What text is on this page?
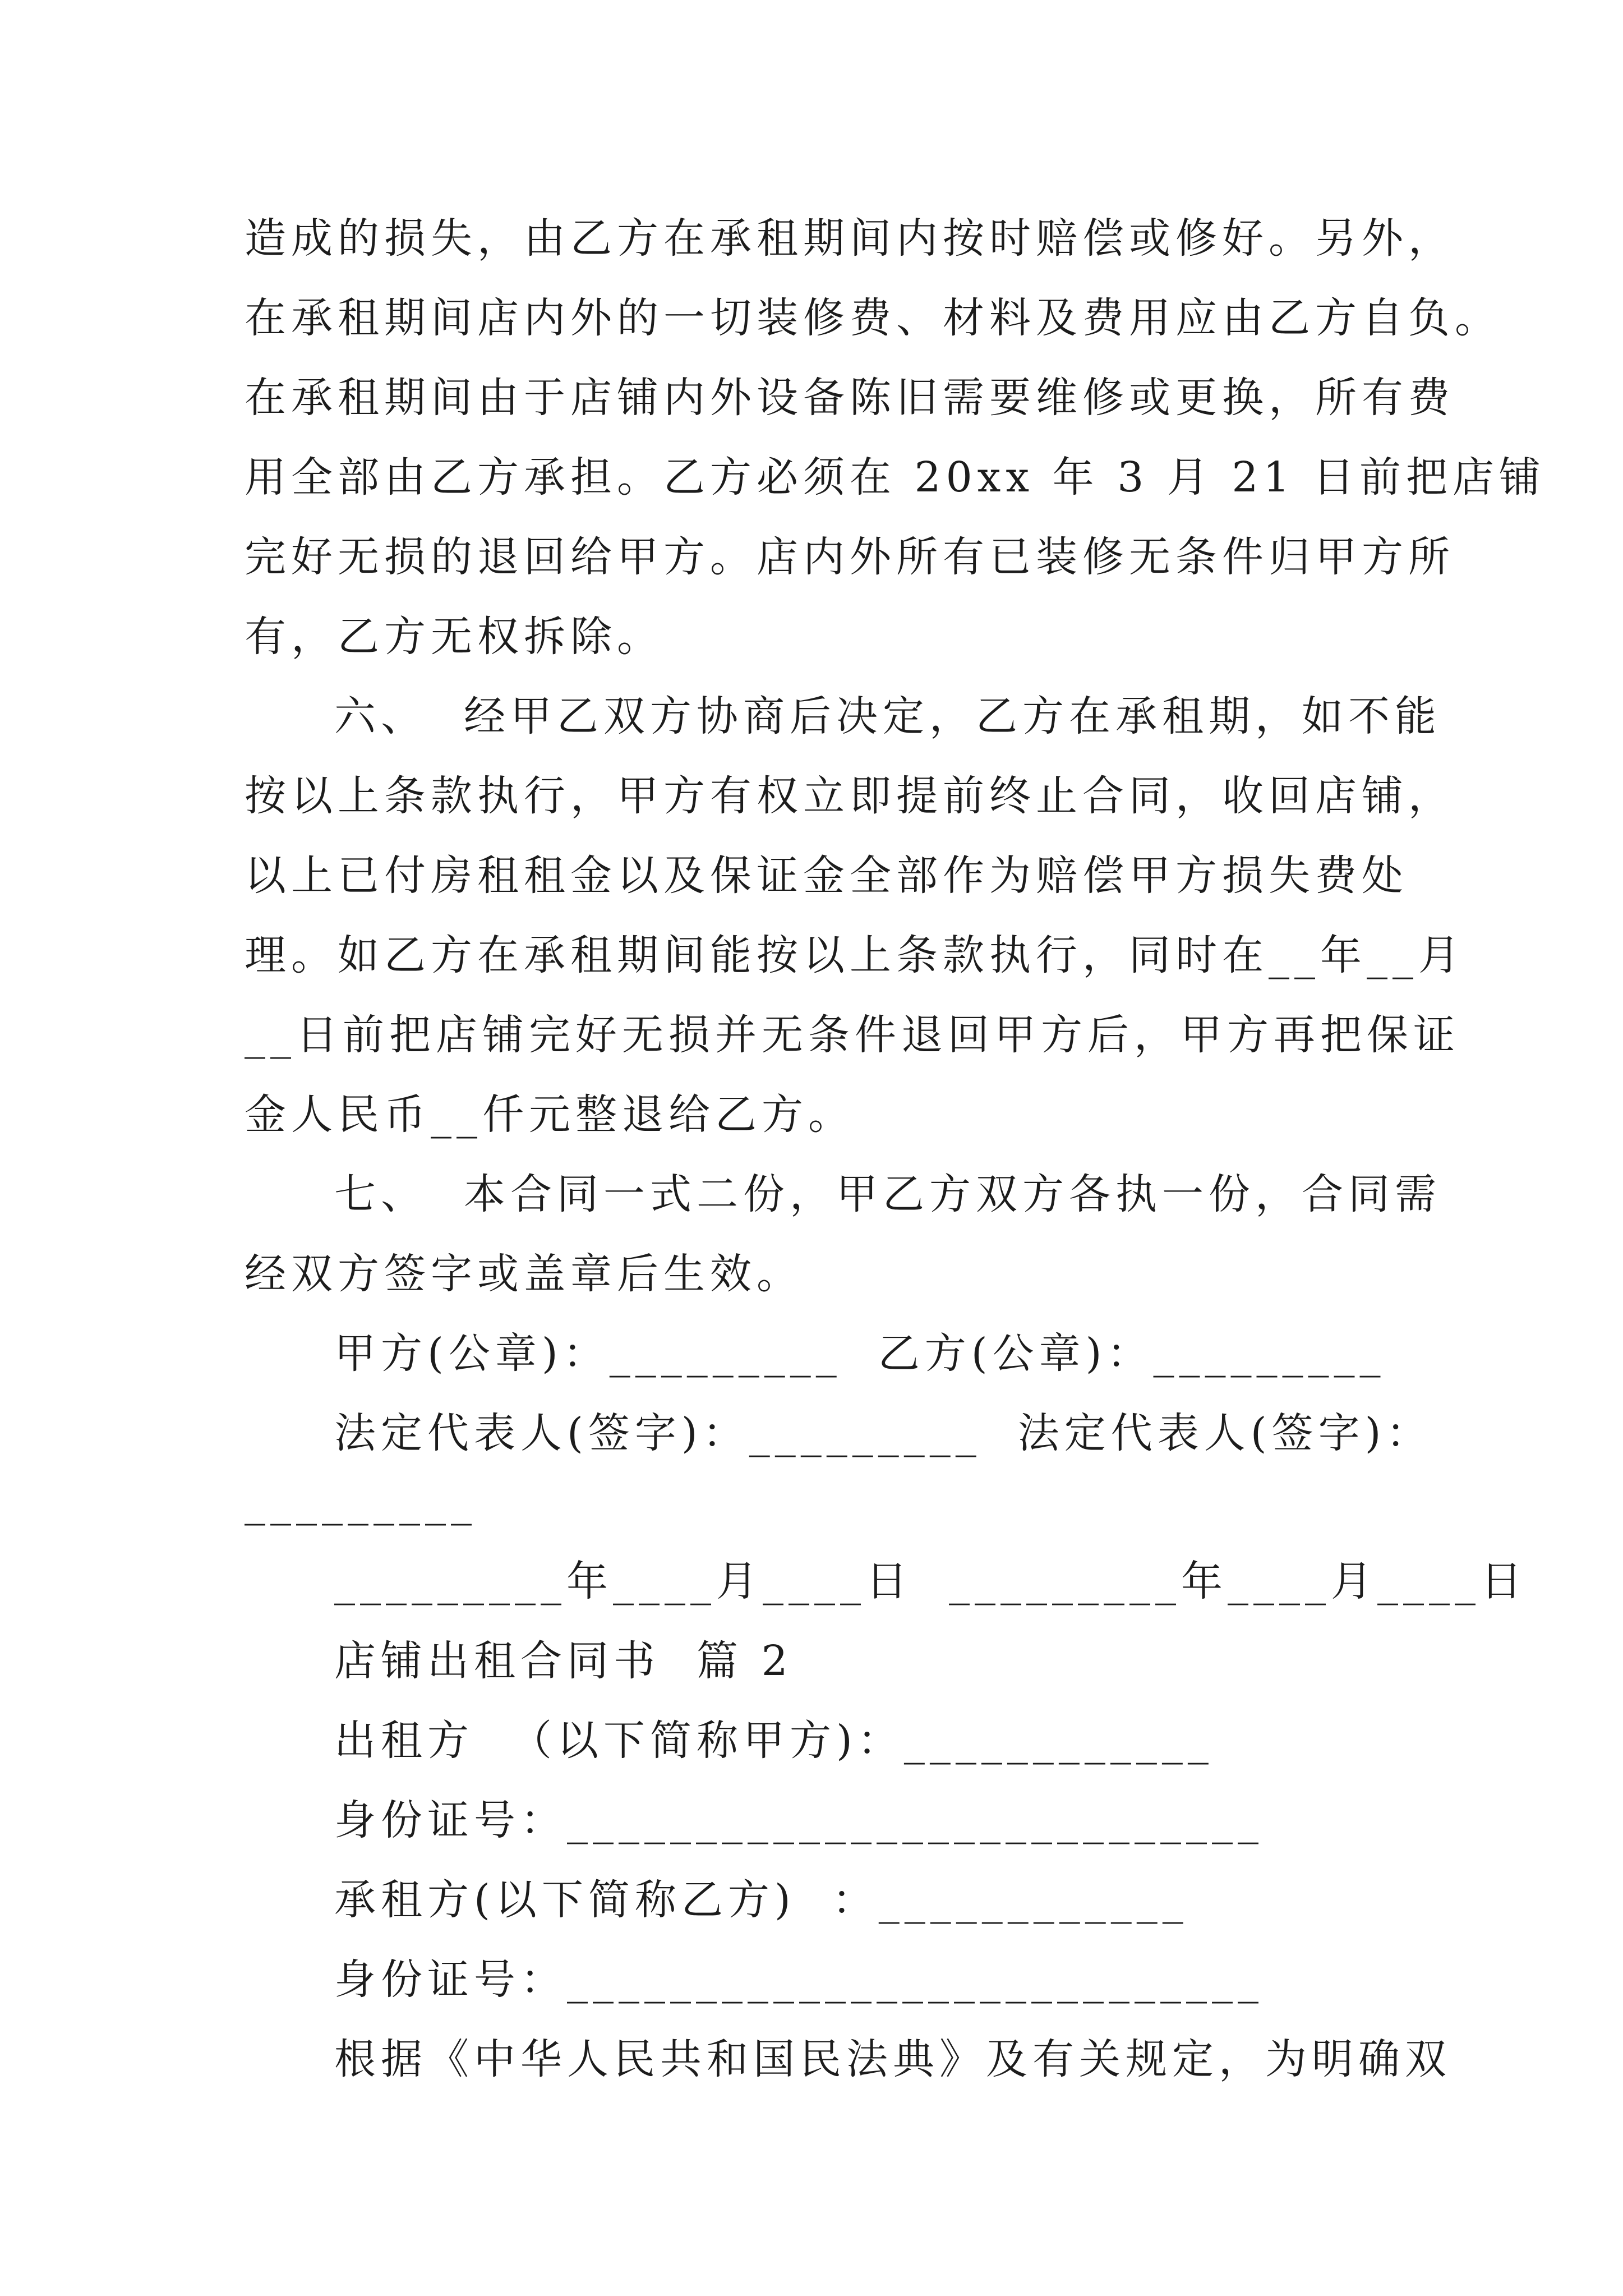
造成的损失，由乙方在承租期间内按时赔偿或修好。另外，
在承租期间店内外的一切装修费、材料及费用应由乙方自负。
在承租期间由于店铺内外设备陈旧需要维修或更换，所有费
用全部由乙方承担。乙方必须在 20xx 年 3 月 21 日前把店铺
完好无损的退回给甲方。店内外所有已装修无条件归甲方所
有，乙方无权拆除。
六、  经甲乙双方协商后决定，乙方在承租期，如不能
按以上条款执行，甲方有权立即提前终止合同，收回店铺，
以上已付房租租金以及保证金全部作为赔偿甲方损失费处
理。如乙方在承租期间能按以上条款执行，同时在__年__月
__日前把店铺完好无损并无条件退回甲方后，甲方再把保证
金人民币__仟元整退给乙方。
七、  本合同一式二份，甲乙方双方各执一份，合同需
经双方签字或盖章后生效。
甲方(公章)：_________  乙方(公章)：_________
法定代表人(签字)：_________  法定代表人(签字)：
_________
_________年____月____日  _________年____月____日
店铺出租合同书  篇 2
出租方  （以下简称甲方)：____________
身份证号：___________________________
承租方(以下简称乙方)  ：____________
身份证号：___________________________
根据《中华人民共和国民法典》及有关规定，为明确双
